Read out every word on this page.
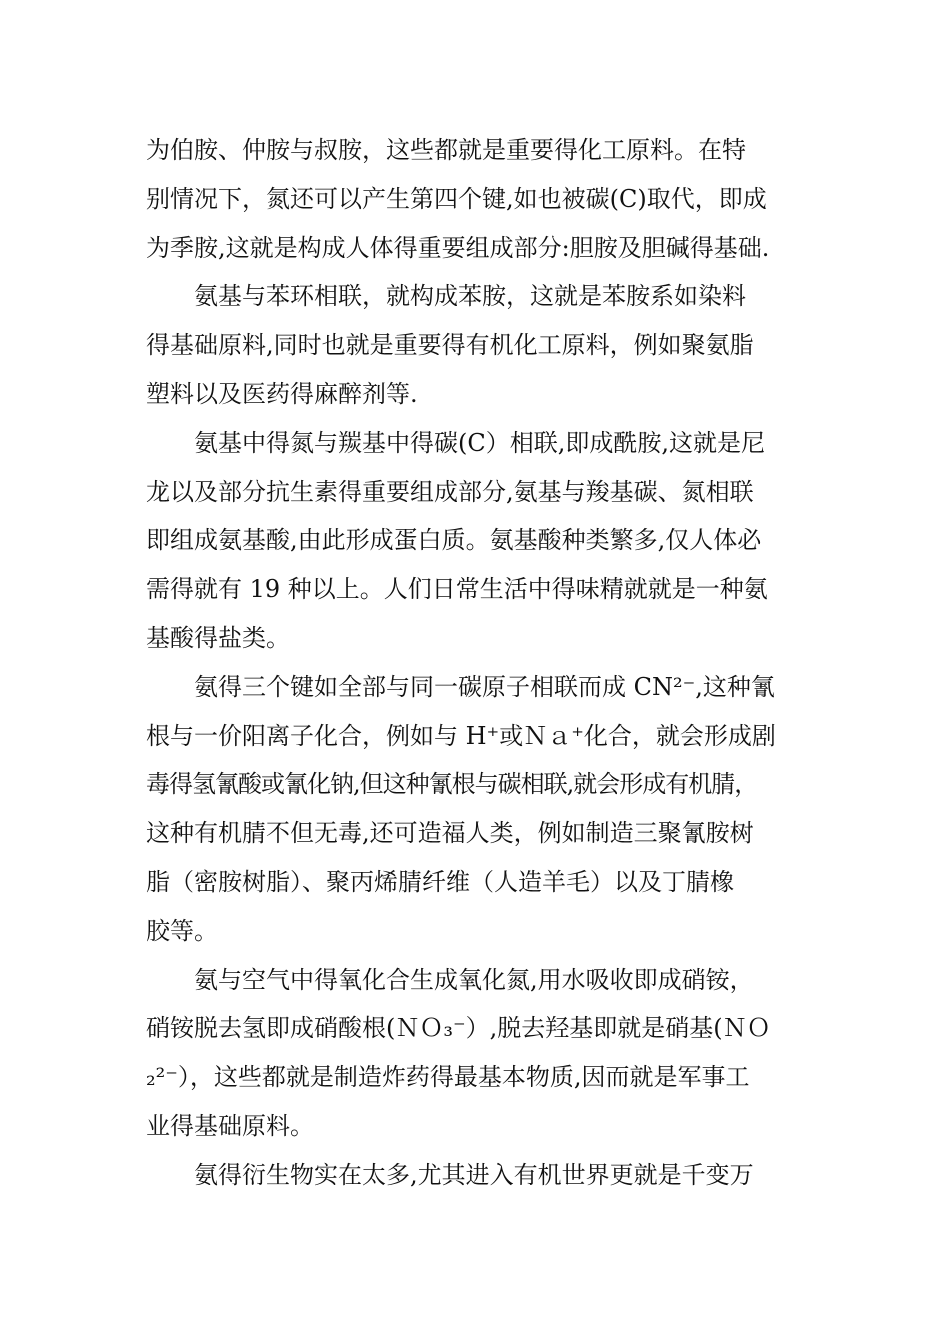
为伯胺、仲胺与叔胺，这些都就是重要得化工原料。在特
别情况下，氮还可以产生第四个键,如也被碳(C)取代，即成
为季胺,这就是构成人体得重要组成部分:胆胺及胆碱得基础.
氨基与苯环相联，就构成苯胺，这就是苯胺系如染料
得基础原料,同时也就是重要得有机化工原料，例如聚氨脂
塑料以及医药得麻醉剂等.
氨基中得氮与羰基中得碳(C）相联,即成酰胺,这就是尼
龙以及部分抗生素得重要组成部分,氨基与羧基碳、氮相联
即组成氨基酸,由此形成蛋白质。氨基酸种类繁多,仅人体必
需得就有 19 种以上。人们日常生活中得味精就就是一种氨
基酸得盐类。
氨得三个键如全部与同一碳原子相联而成 CN²⁻,这种氰
根与一价阳离子化合，例如与 H⁺或Ｎａ⁺化合，就会形成剧
毒得氢氰酸或氰化钠,但这种氰根与碳相联,就会形成有机腈，
这种有机腈不但无毒,还可造福人类，例如制造三聚氰胺树
脂（密胺树脂）、聚丙烯腈纤维（人造羊毛）以及丁腈橡
胶等。
氨与空气中得氧化合生成氧化氮,用水吸收即成硝铵，
硝铵脱去氢即成硝酸根(ＮＯ₃⁻）,脱去羟基即就是硝基(ＮＯ
₂²⁻），这些都就是制造炸药得最基本物质,因而就是军事工
业得基础原料。
氨得衍生物实在太多,尤其进入有机世界更就是千变万
